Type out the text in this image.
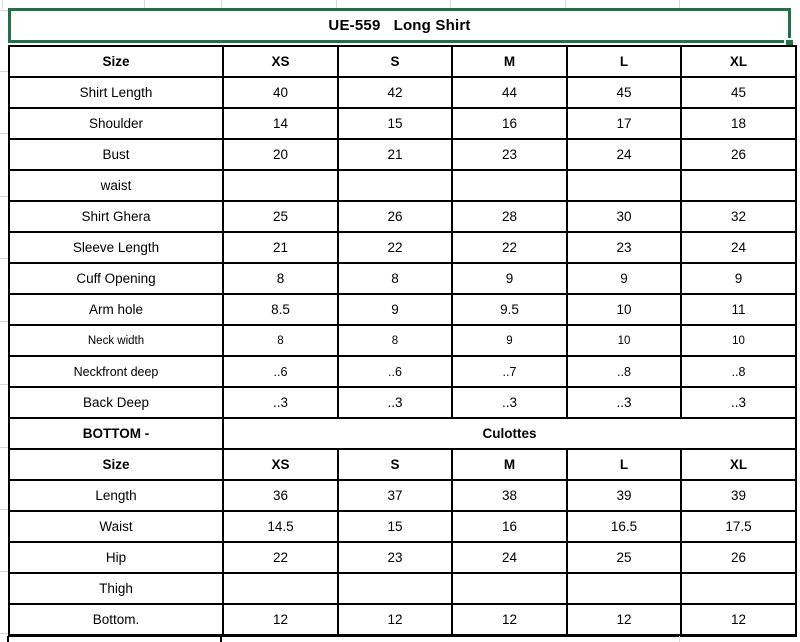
UE-559   Long Shirt
Size	XS	S	M	L	XL
Shirt Length	40	42	44	45	45
Shoulder	14	15	16	17	18
Bust	20	21	23	24	26
waist					
Shirt Ghera	25	26	28	30	32
Sleeve Length	21	22	22	23	24
Cuff Opening	8	8	9	9	9
Arm hole	8.5	9	9.5	10	11
Neck width	8	8	9	10	10
Neckfront deep	..6	..6	..7	..8	..8
Back Deep	..3	..3	..3	..3	..3
BOTTOM -	Culottes				
Size	XS	S	M	L	XL
Length	36	37	38	39	39
Waist	14.5	15	16	16.5	17.5
Hip	22	23	24	25	26
Thigh					
Bottom.	12	12	12	12	12
